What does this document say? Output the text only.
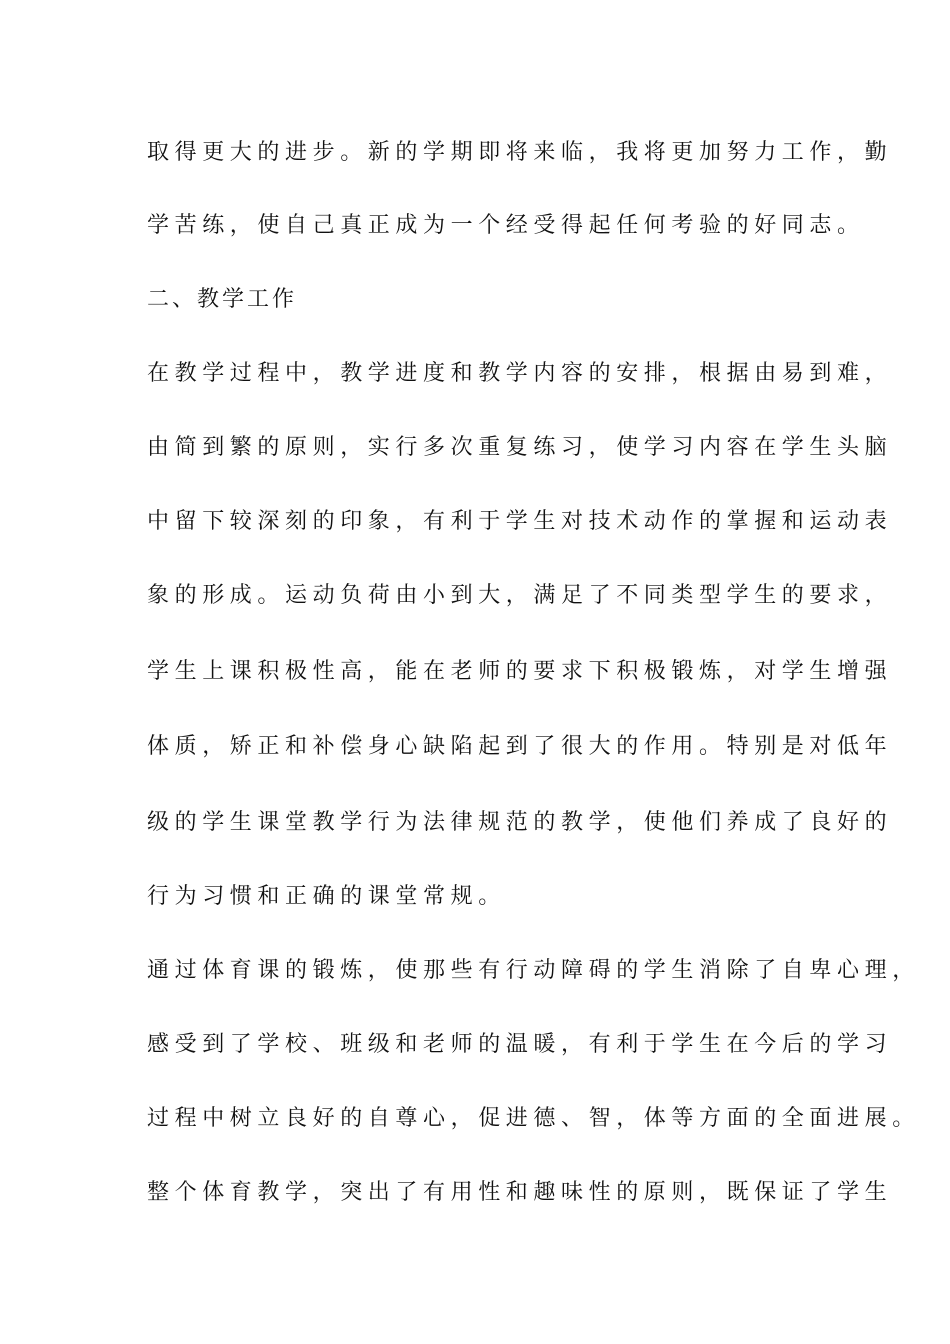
取得更大的进步。新的学期即将来临，我将更加努力工作，勤
学苦练，使自己真正成为一个经受得起任何考验的好同志。
二、教学工作
在教学过程中，教学进度和教学内容的安排，根据由易到难，
由简到繁的原则，实行多次重复练习，使学习内容在学生头脑
中留下较深刻的印象，有利于学生对技术动作的掌握和运动表
象的形成。运动负荷由小到大，满足了不同类型学生的要求，
学生上课积极性高，能在老师的要求下积极锻炼，对学生增强
体质，矫正和补偿身心缺陷起到了很大的作用。特别是对低年
级的学生课堂教学行为法律规范的教学，使他们养成了良好的
行为习惯和正确的课堂常规。
通过体育课的锻炼，使那些有行动障碍的学生消除了自卑心理，
感受到了学校、班级和老师的温暖，有利于学生在今后的学习
过程中树立良好的自尊心，促进德、智，体等方面的全面进展。
整个体育教学，突出了有用性和趣味性的原则，既保证了学生
